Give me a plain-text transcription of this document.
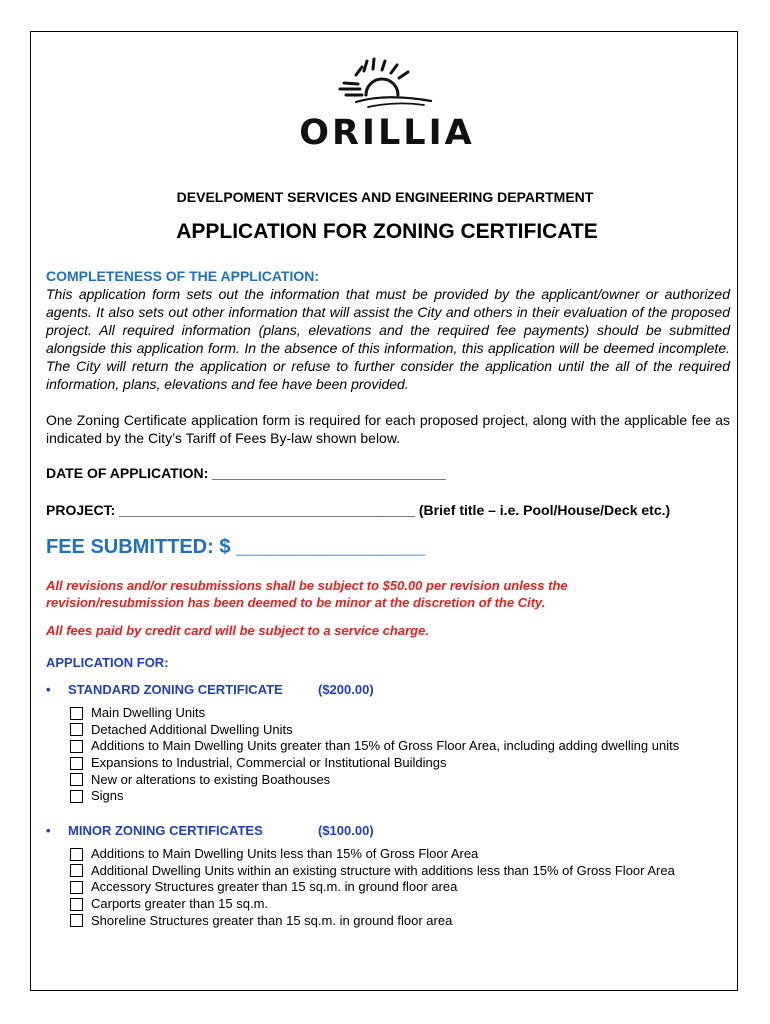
ORILLIA
DEVELPOMENT SERVICES AND ENGINEERING DEPARTMENT
APPLICATION FOR ZONING CERTIFICATE
COMPLETENESS OF THE APPLICATION:

This application form sets out the information that must be provided by the applicant/owner or authorized agents. It also sets out other information that will assist the City and others in their evaluation of the proposed project. All required information (plans, elevations and the required fee payments) should be submitted alongside this application form. In the absence of this information, this application will be deemed incomplete. The City will return the application or refuse to further consider the application until the all of the required information, plans, elevations and fee have been provided.

One Zoning Certificate application form is required for each proposed project, along with the applicable fee as indicated by the City’s Tariff of Fees By-law shown below.

DATE OF APPLICATION: ______________________________
PROJECT: ______________________________________ (Brief title – i.e. Pool/House/Deck etc.)
FEE SUBMITTED: $ _________________

All revisions and/or resubmissions shall be subject to $50.00 per revision unless the revision/resubmission has been deemed to be minor at the discretion of the City.

All fees paid by credit card will be subject to a service charge.

APPLICATION FOR:
• STANDARD ZONING CERTIFICATE	($200.00)
Main Dwelling Units
Detached Additional Dwelling Units
Additions to Main Dwelling Units greater than 15% of Gross Floor Area, including adding dwelling units
Expansions to Industrial, Commercial or Institutional Buildings
New or alterations to existing Boathouses
Signs
• MINOR ZONING CERTIFICATES	($100.00)
Additions to Main Dwelling Units less than 15% of Gross Floor Area
Additional Dwelling Units within an existing structure with additions less than 15% of Gross Floor Area
Accessory Structures greater than 15 sq.m. in ground floor area
Carports greater than 15 sq.m.
Shoreline Structures greater than 15 sq.m. in ground floor area
